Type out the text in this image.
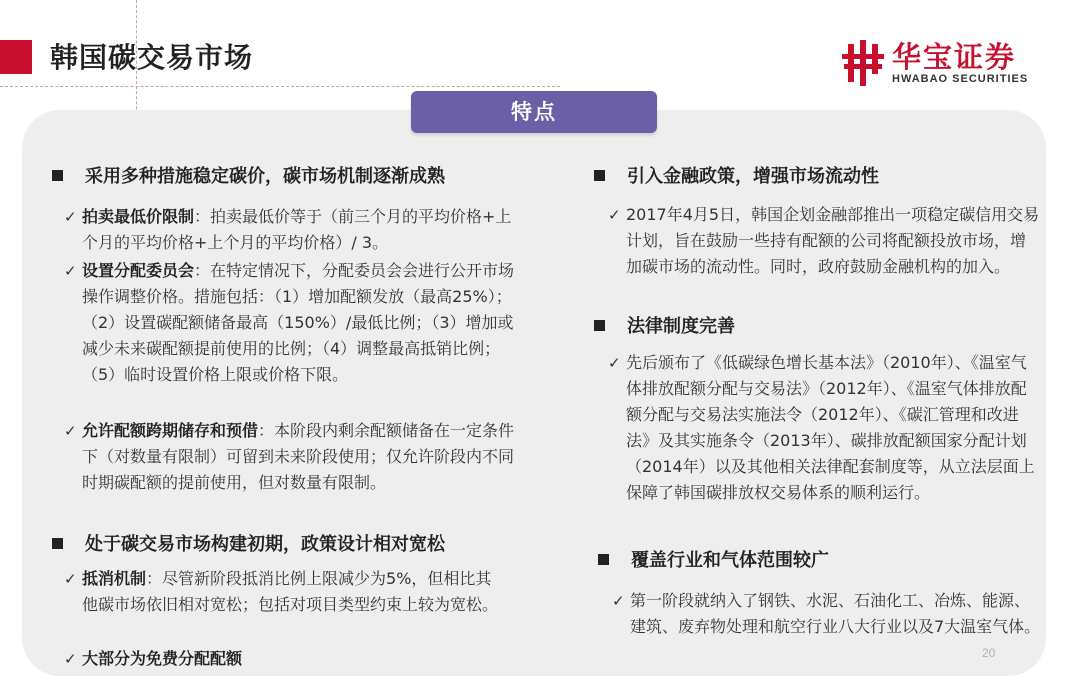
韩国碳交易市场	华宝证券
HWABAO SECURITIES
特点
采用多种措施稳定碳价，碳市场机制逐渐成熟
✓ 拍卖最低价限制：拍卖最低价等于（前三个月的平均价格+上个月的平均价格+上个月的平均价格）/ 3。
✓ 设置分配委员会：在特定情况下，分配委员会会进行公开市场操作调整价格。措施包括：（1）增加配额发放（最高25%）；（2）设置碳配额储备最高（150%）/最低比例；（3）增加或减少未来碳配额提前使用的比例；（4）调整最高抵销比例；（5）临时设置价格上限或价格下限。
✓ 允许配额跨期储存和预借：本阶段内剩余配额储备在一定条件下（对数量有限制）可留到未来阶段使用；仅允许阶段内不同时期碳配额的提前使用，但对数量有限制。
处于碳交易市场构建初期，政策设计相对宽松
✓ 抵消机制：尽管新阶段抵消比例上限减少为5%，但相比其他碳市场依旧相对宽松；包括对项目类型约束上较为宽松。
✓ 大部分为免费分配配额
引入金融政策，增强市场流动性
✓ 2017年4月5日，韩国企划金融部推出一项稳定碳信用交易计划，旨在鼓励一些持有配额的公司将配额投放市场，增加碳市场的流动性。同时，政府鼓励金融机构的加入。
法律制度完善
✓ 先后颁布了《低碳绿色增长基本法》（2010年）、《温室气体排放配额分配与交易法》（2012年）、《温室气体排放配额分配与交易法实施法令（2012年）、《碳汇管理和改进法》及其实施条令（2013年）、碳排放配额国家分配计划（2014年）以及其他相关法律配套制度等，从立法层面上保障了韩国碳排放权交易体系的顺利运行。
覆盖行业和气体范围较广
✓ 第一阶段就纳入了钢铁、水泥、石油化工、冶炼、能源、建筑、废弃物处理和航空行业八大行业以及7大温室气体。
20
